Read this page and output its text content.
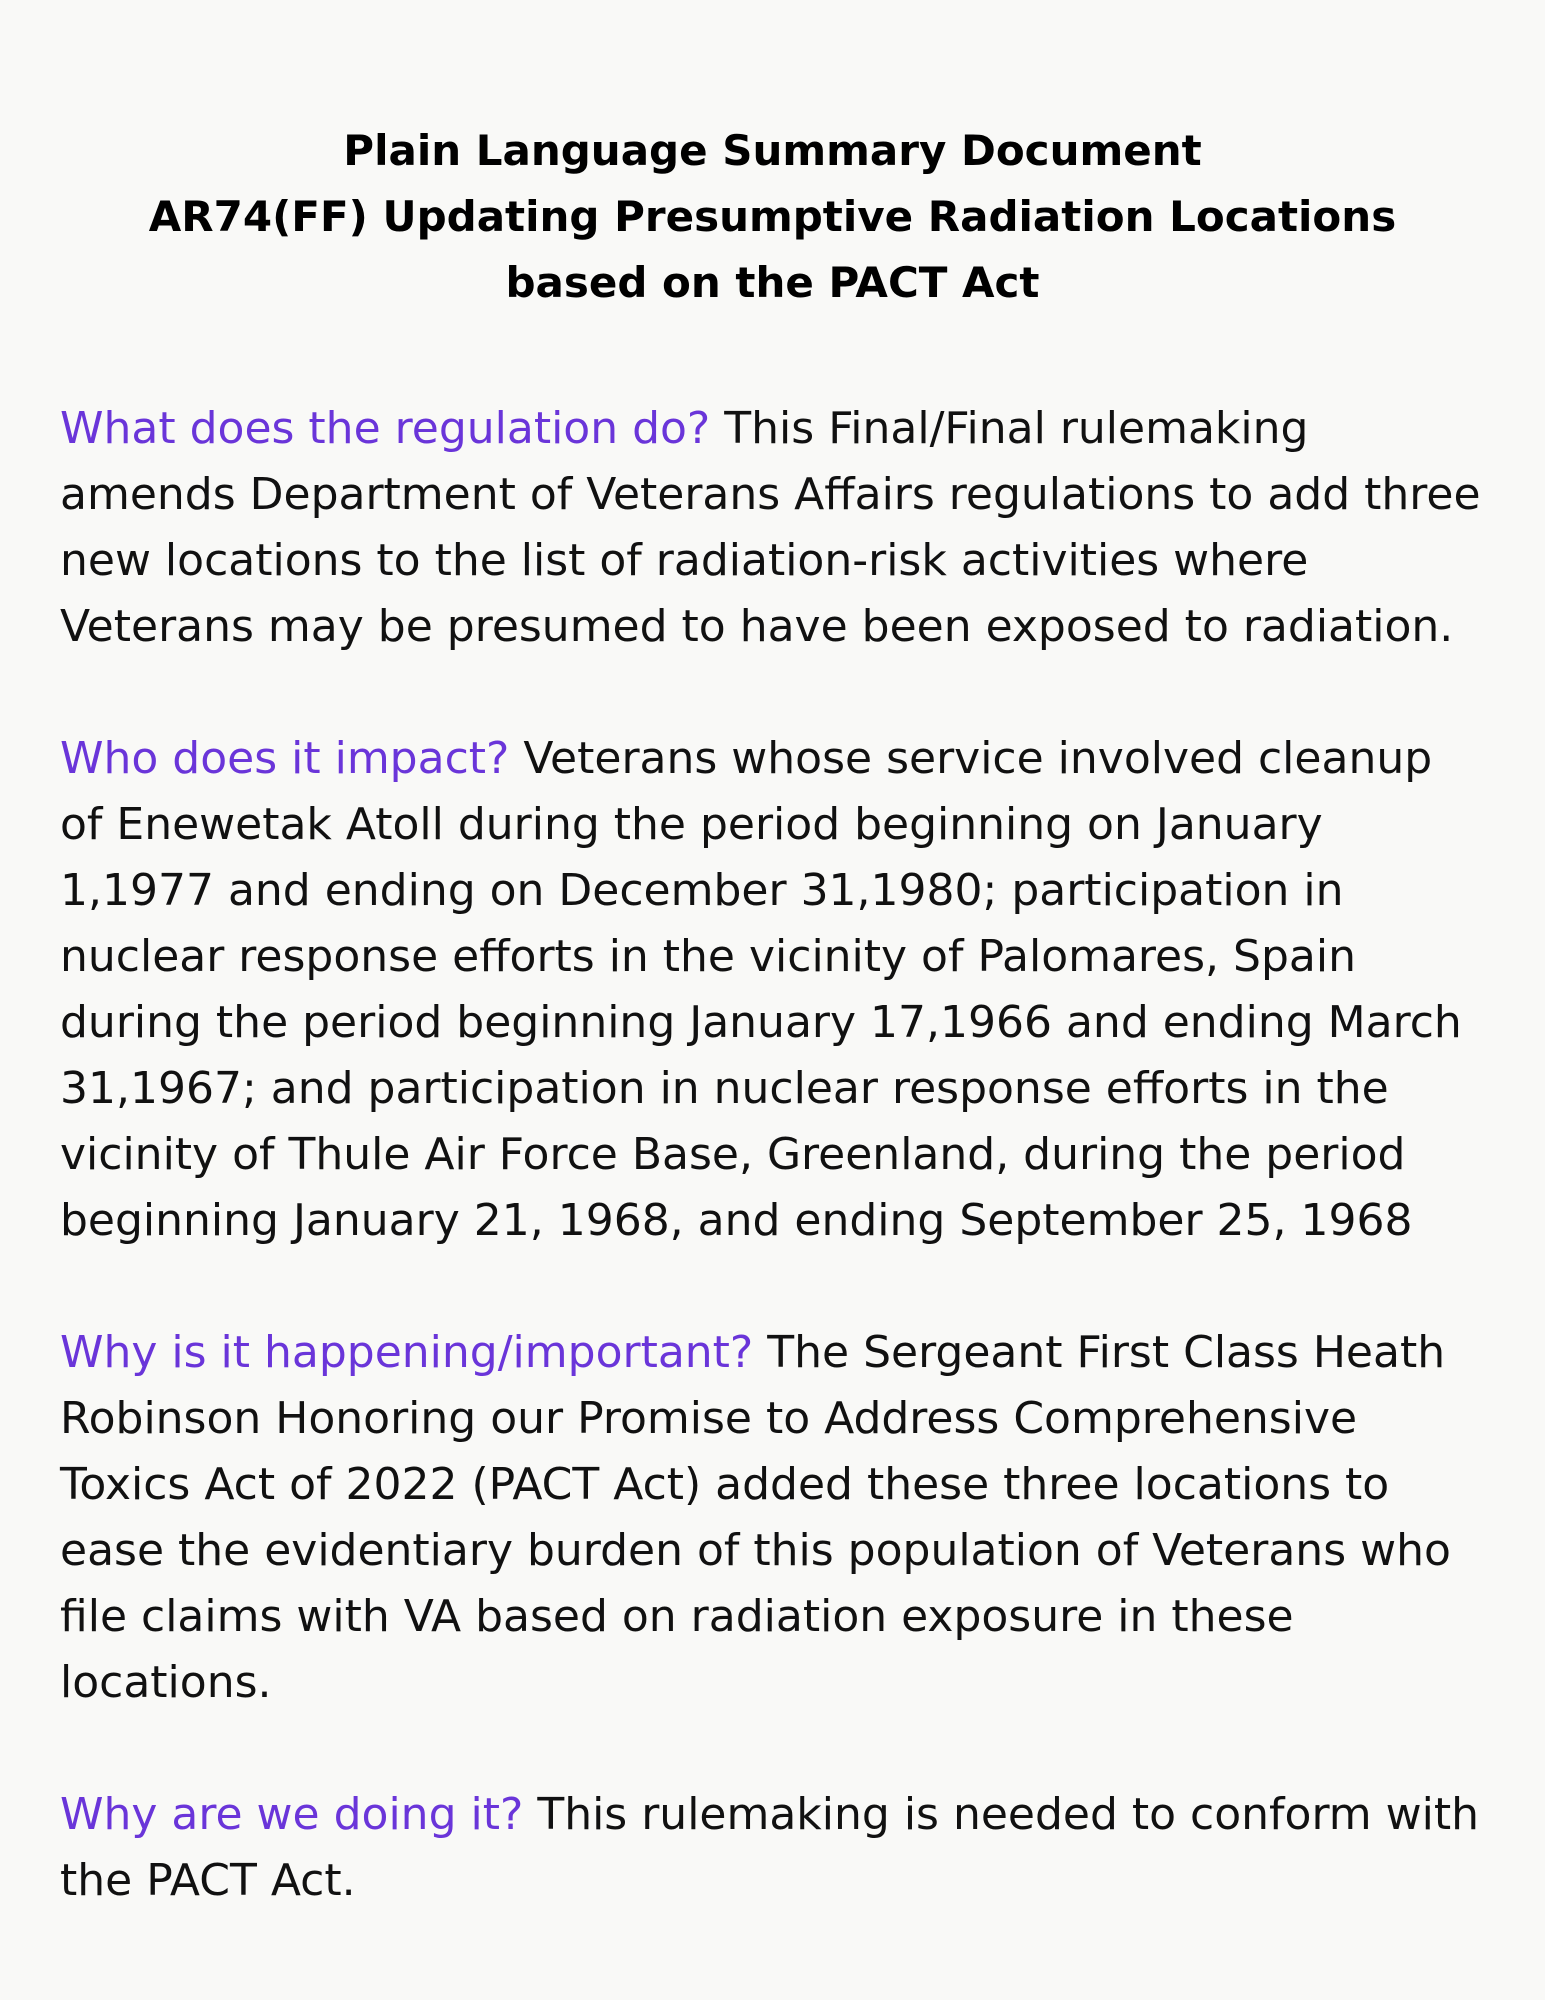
Plain Language Summary Document
AR74(FF) Updating Presumptive Radiation Locations
based on the PACT Act

What does the regulation do? This Final/Final rulemaking amends Department of Veterans Affairs regulations to add three new locations to the list of radiation-risk activities where Veterans may be presumed to have been exposed to radiation.

Who does it impact? Veterans whose service involved cleanup of Enewetak Atoll during the period beginning on January 1,1977 and ending on December 31,1980; participation in nuclear response efforts in the vicinity of Palomares, Spain during the period beginning January 17,1966 and ending March 31,1967; and participation in nuclear response efforts in the vicinity of Thule Air Force Base, Greenland, during the period beginning January 21, 1968, and ending September 25, 1968

Why is it happening/important? The Sergeant First Class Heath Robinson Honoring our Promise to Address Comprehensive Toxics Act of 2022 (PACT Act) added these three locations to ease the evidentiary burden of this population of Veterans who file claims with VA based on radiation exposure in these locations.

Why are we doing it? This rulemaking is needed to conform with the PACT Act.
